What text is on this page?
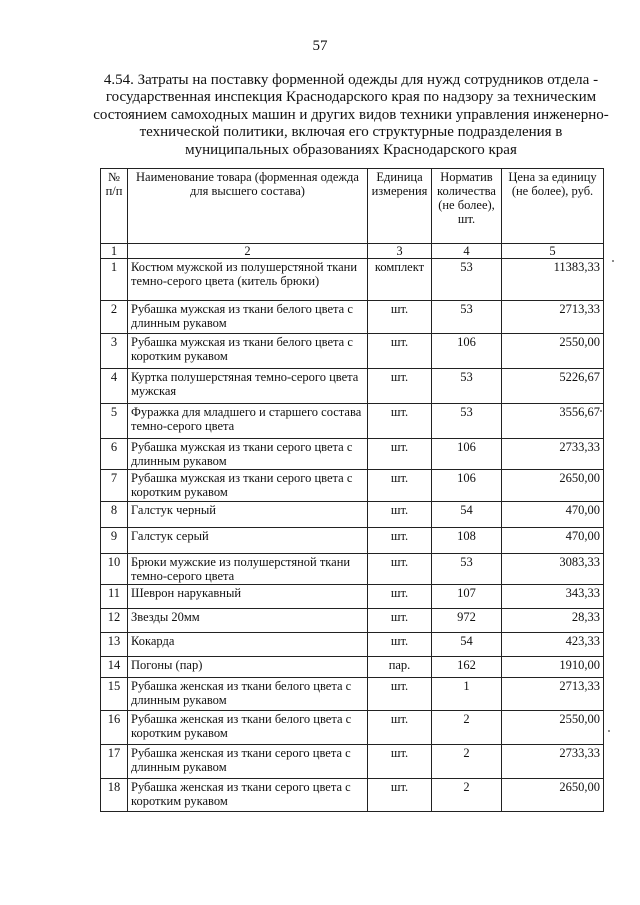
57
4.54. Затраты на поставку форменной одежды для нужд сотрудников отдела - государственная инспекция Краснодарского края по надзору за техническим состоянием самоходных машин и других видов техники управления инженерно-технической политики, включая его структурные подразделения в муниципальных образованиях Краснодарского края
№ п/п	Наименование товара (форменная одежда для высшего состава)	Единица измерения	Норматив количества (не более), шт.	Цена за единицу (не более), руб.
1	2	3	4	5
1	Костюм мужской из полушерстяной ткани темно-серого цвета (китель брюки)	комплект	53	11383,33
2	Рубашка мужская из ткани белого цвета с длинным рукавом	шт.	53	2713,33
3	Рубашка мужская из ткани белого цвета с коротким рукавом	шт.	106	2550,00
4	Куртка полушерстяная темно-серого цвета мужская	шт.	53	5226,67
5	Фуражка для младшего и старшего состава темно-серого цвета	шт.	53	3556,67
6	Рубашка мужская из ткани серого цвета с длинным рукавом	шт.	106	2733,33
7	Рубашка мужская из ткани серого цвета с коротким рукавом	шт.	106	2650,00
8	Галстук черный	шт.	54	470,00
9	Галстук серый	шт.	108	470,00
10	Брюки мужские из полушерстяной ткани темно-серого цвета	шт.	53	3083,33
11	Шеврон нарукавный	шт.	107	343,33
12	Звезды 20мм	шт.	972	28,33
13	Кокарда	шт.	54	423,33
14	Погоны (пар)	пар.	162	1910,00
15	Рубашка женская из ткани белого цвета с длинным рукавом	шт.	1	2713,33
16	Рубашка женская из ткани белого цвета с коротким рукавом	шт.	2	2550,00
17	Рубашка женская из ткани серого цвета с длинным рукавом	шт.	2	2733,33
18	Рубашка женская из ткани серого цвета с коротким рукавом	шт.	2	2650,00
